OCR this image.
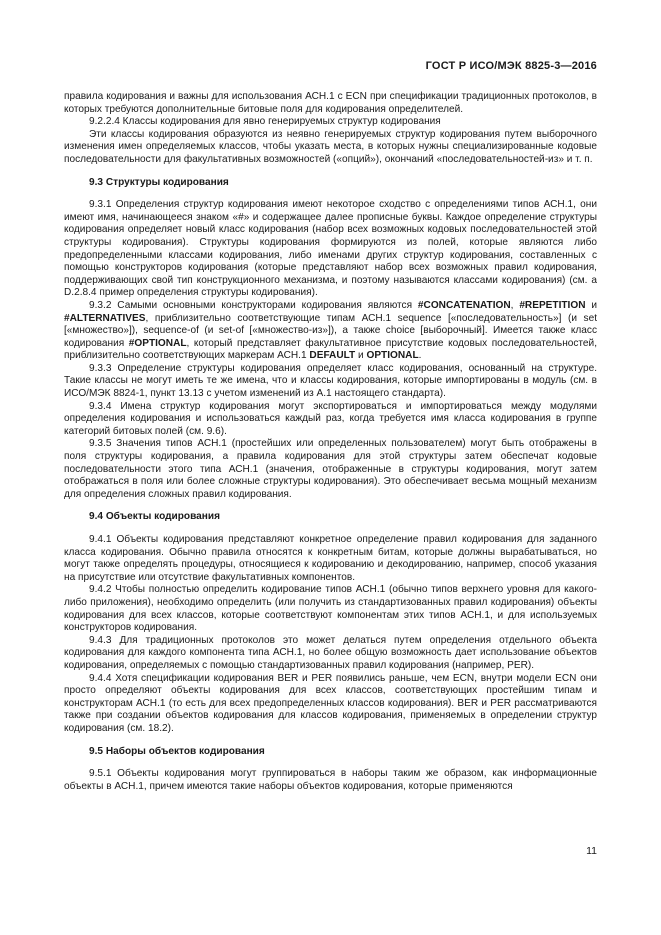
ГОСТ Р ИСО/МЭК 8825-3—2016

правила кодирования и важны для использования АСН.1 с ECN при спецификации традиционных протоколов, в которых требуются дополнительные битовые поля для кодирования определителей.

9.2.2.4 Классы кодирования для явно генерируемых структур кодирования

Эти классы кодирования образуются из неявно генерируемых структур кодирования путем выборочного изменения имен определяемых классов, чтобы указать места, в которых нужны специализированные кодовые последовательности для факультативных возможностей («опций»), окончаний «последовательностей-из» и т. п.

9.3 Структуры кодирования

9.3.1 Определения структур кодирования имеют некоторое сходство с определениями типов АСН.1, они имеют имя, начинающееся знаком «#» и содержащее далее прописные буквы. Каждое определение структуры кодирования определяет новый класс кодирования (набор всех возможных кодовых последовательностей этой структуры кодирования). Структуры кодирования формируются из полей, которые являются либо предопределенными классами кодирования, либо именами других структур кодирования, составленных с помощью конструкторов кодирования (которые представляют набор всех возможных правил кодирования, поддерживающих свой тип конструкционного механизма, и поэтому называются классами кодирования) (см. а D.2.8.4 пример определения структуры кодирования).

9.3.2 Самыми основными конструкторами кодирования являются #CONCATENATION, #REPETITION и #ALTERNATIVES, приблизительно соответствующие типам АСН.1 sequence [«последовательность»] (и set [«множество»]), sequence-of (и set-of [«множество-из»]), а также choice [выборочный]. Имеется также класс кодирования #OPTIONAL, который представляет факультативное присутствие кодовых последовательностей, приблизительно соответствующих маркерам АСН.1 DEFAULT и OPTIONAL.

9.3.3 Определение структуры кодирования определяет класс кодирования, основанный на структуре. Такие классы не могут иметь те же имена, что и классы кодирования, которые импортированы в модуль (см. в ИСО/МЭК 8824-1, пункт 13.13 с учетом изменений из А.1 настоящего стандарта).

9.3.4 Имена структур кодирования могут экспортироваться и импортироваться между модулями определения кодирования и использоваться каждый раз, когда требуется имя класса кодирования в группе категорий битовых полей (см. 9.6).

9.3.5 Значения типов АСН.1 (простейших или определенных пользователем) могут быть отображены в поля структуры кодирования, а правила кодирования для этой структуры затем обеспечат кодовые последовательности этого типа АСН.1 (значения, отображенные в структуры кодирования, могут затем отображаться в поля или более сложные структуры кодирования). Это обеспечивает весьма мощный механизм для определения сложных правил кодирования.

9.4 Объекты кодирования

9.4.1 Объекты кодирования представляют конкретное определение правил кодирования для заданного класса кодирования. Обычно правила относятся к конкретным битам, которые должны вырабатываться, но могут также определять процедуры, относящиеся к кодированию и декодированию, например, способ указания на присутствие или отсутствие факультативных компонентов.

9.4.2 Чтобы полностью определить кодирование типов АСН.1 (обычно типов верхнего уровня для какого-либо приложения), необходимо определить (или получить из стандартизованных правил кодирования) объекты кодирования для всех классов, которые соответствуют компонентам этих типов АСН.1, и для используемых конструкторов кодирования.

9.4.3 Для традиционных протоколов это может делаться путем определения отдельного объекта кодирования для каждого компонента типа АСН.1, но более общую возможность дает использование объектов кодирования, определяемых с помощью стандартизованных правил кодирования (например, PER).

9.4.4 Хотя спецификации кодирования BER и PER появились раньше, чем ECN, внутри модели ECN они просто определяют объекты кодирования для всех классов, соответствующих простейшим типам и конструкторам АСН.1 (то есть для всех предопределенных классов кодирования). BER и PER рассматриваются также при создании объектов кодирования для классов кодирования, применяемых в определении структур кодирования (см. 18.2).

9.5 Наборы объектов кодирования

9.5.1 Объекты кодирования могут группироваться в наборы таким же образом, как информационные объекты в АСН.1, причем имеются такие наборы объектов кодирования, которые применяются

11
